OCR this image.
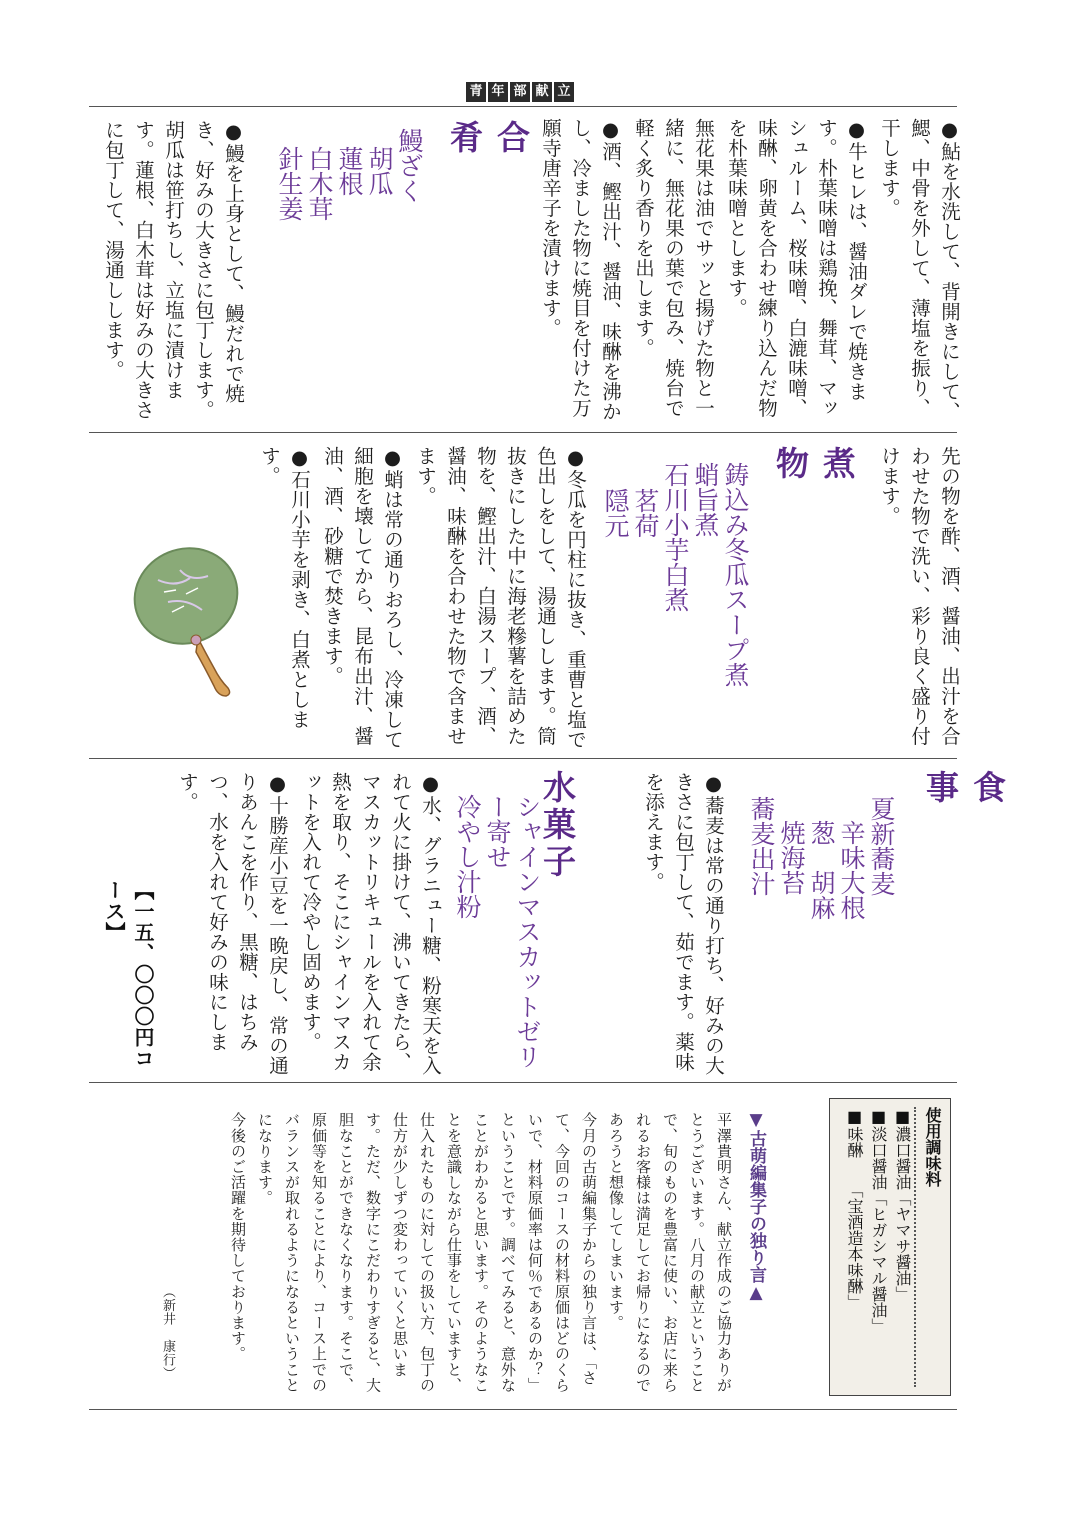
青 年 部 献 立

●鮎を水洗して、背開きにして、鰓、中骨を外して、薄塩を振り、干します。

●牛ヒレは、醤油ダレで焼きます。朴葉味噌は鶏挽、舞茸、マッシュルーム、桜味噌、白漉味噌、味醂、卵黄を合わせ練り込んだ物を朴葉味噌とします。

無花果は油でサッと揚げた物と一緒に、無花果の葉で包み、焼台で軽く炙り香りを出します。

●酒、鰹出汁、醤油、味醂を沸かし、冷ました物に焼目を付けた万願寺唐辛子を漬けます。

合　肴
鰻ざく
胡瓜
蓮根
白木茸
針生姜

●鰻を上身として、鰻だれで焼き、好みの大きさに包丁します。胡瓜は笹打ちし、立塩に漬けます。蓮根、白木茸は好みの大きさに包丁して、湯通しします。

先の物を酢、酒、醤油、出汁を合わせた物で洗い、彩り良く盛り付けます。

煮　物
鋳込み冬瓜スープ煮
蛸旨煮
石川小芋白煮
茗荷
隠元

●冬瓜を円柱に抜き、重曹と塩で色出しをして、湯通しします。筒抜きにした中に海老糝薯を詰めた物を、鰹出汁、白湯スープ、酒、醤油、味醂を合わせた物で含ませます。

●蛸は常の通りおろし、冷凍して細胞を壊してから、昆布出汁、醤油、酒、砂糖で焚きます。

●石川小芋を剥き、白煮とします。

食　事
夏新蕎麦
辛味大根
葱　胡麻
焼海苔
蕎麦出汁

●蕎麦は常の通り打ち、好みの大きさに包丁して、茹でます。薬味を添えます。

水菓子
シャインマスカットゼリー寄せ
冷やし汁粉

●水、グラニュー糖、粉寒天を入れて火に掛けて、沸いてきたら、マスカットリキュールを入れて余熱を取り、そこにシャインマスカットを入れて冷やし固めます。

●十勝産小豆を一晩戻し、常の通りあんこを作り、黒糖、はちみつ、水を入れて好みの味にします。

【一五、〇〇〇円コース】
使用調味料
■濃口醤油「ヤマサ醤油」
■淡口醤油「ヒガシマル醤油」
■味醂　　「宝酒造本味醂」
▼古萌編集子の独り言▲

平澤貴明さん、献立作成のご協力ありがとうございます。八月の献立ということで、旬のものを豊富に使い、お店に来られるお客様は満足してお帰りになるのであろうと想像してしまいます。

今月の古萌編集子からの独り言は、「さて、今回のコースの材料原価はどのくらいで、材料原価率は何％であるのか？」ということです。調べてみると、意外なことがわかると思います。そのようなことを意識しながら仕事をしていますと、仕入れたものに対しての扱い方、包丁の仕方が少しずつ変わっていくと思います。ただ、数字にこだわりすぎると、大胆なことができなくなります。そこで、原価等を知ることにより、コース上でのバランスが取れるようになるということになります。

今後のご活躍を期待しております。

（新井　康行）
